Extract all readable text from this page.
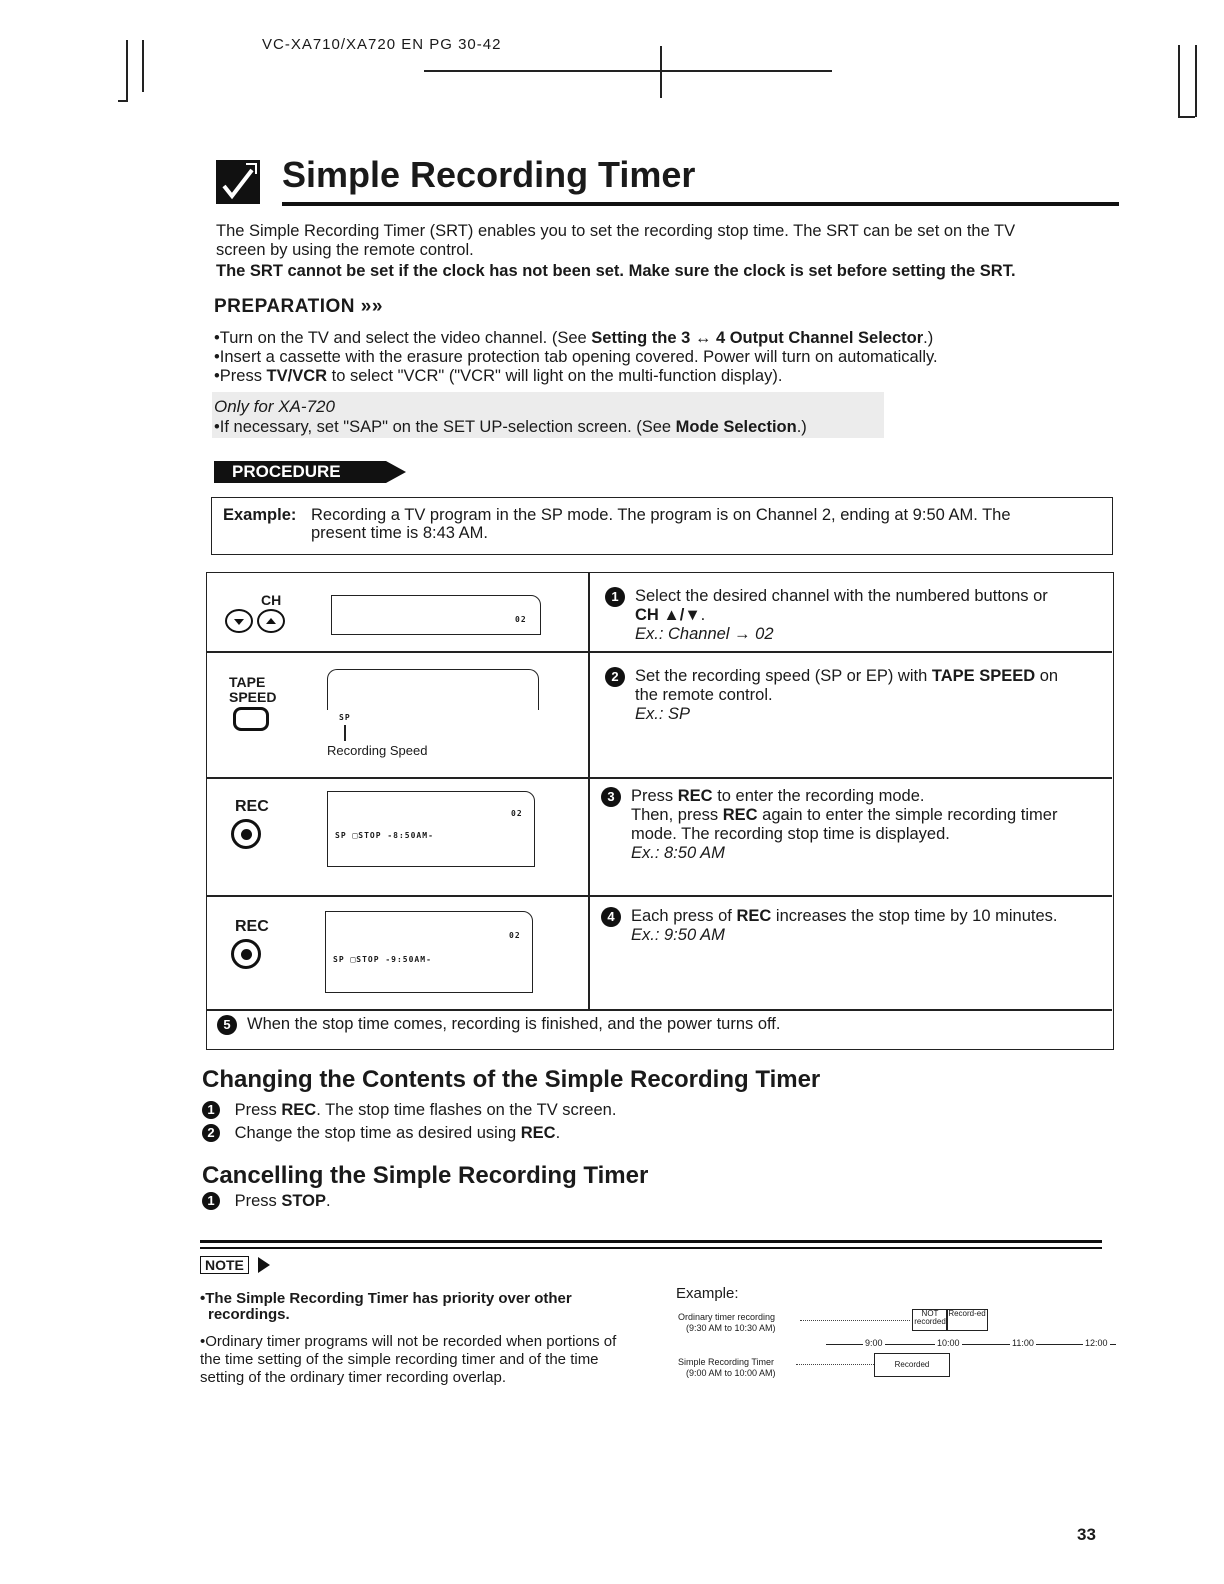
VC-XA710/XA720 EN PG 30-42
Simple Recording Timer
The Simple Recording Timer (SRT) enables you to set the recording stop time. The SRT can be set on the TV
screen by using the remote control.
The SRT cannot be set if the clock has not been set. Make sure the clock is set before setting the SRT.
PREPARATION »»
•Turn on the TV and select the video channel. (See Setting the 3 ↔ 4 Output Channel Selector.)
•Insert a cassette with the erasure protection tab opening covered. Power will turn on automatically.
•Press TV/VCR to select "VCR" ("VCR" will light on the multi-function display).
Only for XA-720
•If necessary, set "SAP" on the SET UP-selection screen. (See Mode Selection.)
PROCEDURE
Example: Recording a TV program in the SP mode. The program is on Channel 2, ending at 9:50 AM. The
present time is 8:43 AM.
CH
02
1 Select the desired channel with the numbered buttons or
CH ▲/▼.
Ex.: Channel → 02
TAPE
SPEED
SP
Recording Speed
2 Set the recording speed (SP or EP) with TAPE SPEED on the remote control.
Ex.: SP
REC	02
SP □STOP -8:50AM-
3 Press REC to enter the recording mode.
Then, press REC again to enter the simple recording timer mode. The recording stop time is displayed.
Ex.: 8:50 AM
REC
02
SP □STOP -9:50AM-
4 Each press of REC increases the stop time by 10 minutes.
Ex.: 9:50 AM
5 When the stop time comes, recording is finished, and the power turns off.
Changing the Contents of the Simple Recording Timer
1 Press REC. The stop time flashes on the TV screen.
2 Change the stop time as desired using REC.
Cancelling the Simple Recording Timer
1 Press STOP.
NOTE
•The Simple Recording Timer has priority over other
recordings.
•Ordinary timer programs will not be recorded when portions of
the time setting of the simple recording timer and of the time
setting of the ordinary timer recording overlap.
Example:
Ordinary timer recording
(9:30 AM to 10:30 AM)
NOT recorded
Record-ed
9:00	10:00	11:00	12:00
Simple Recording Timer
(9:00 AM to 10:00 AM)
Recorded
33
